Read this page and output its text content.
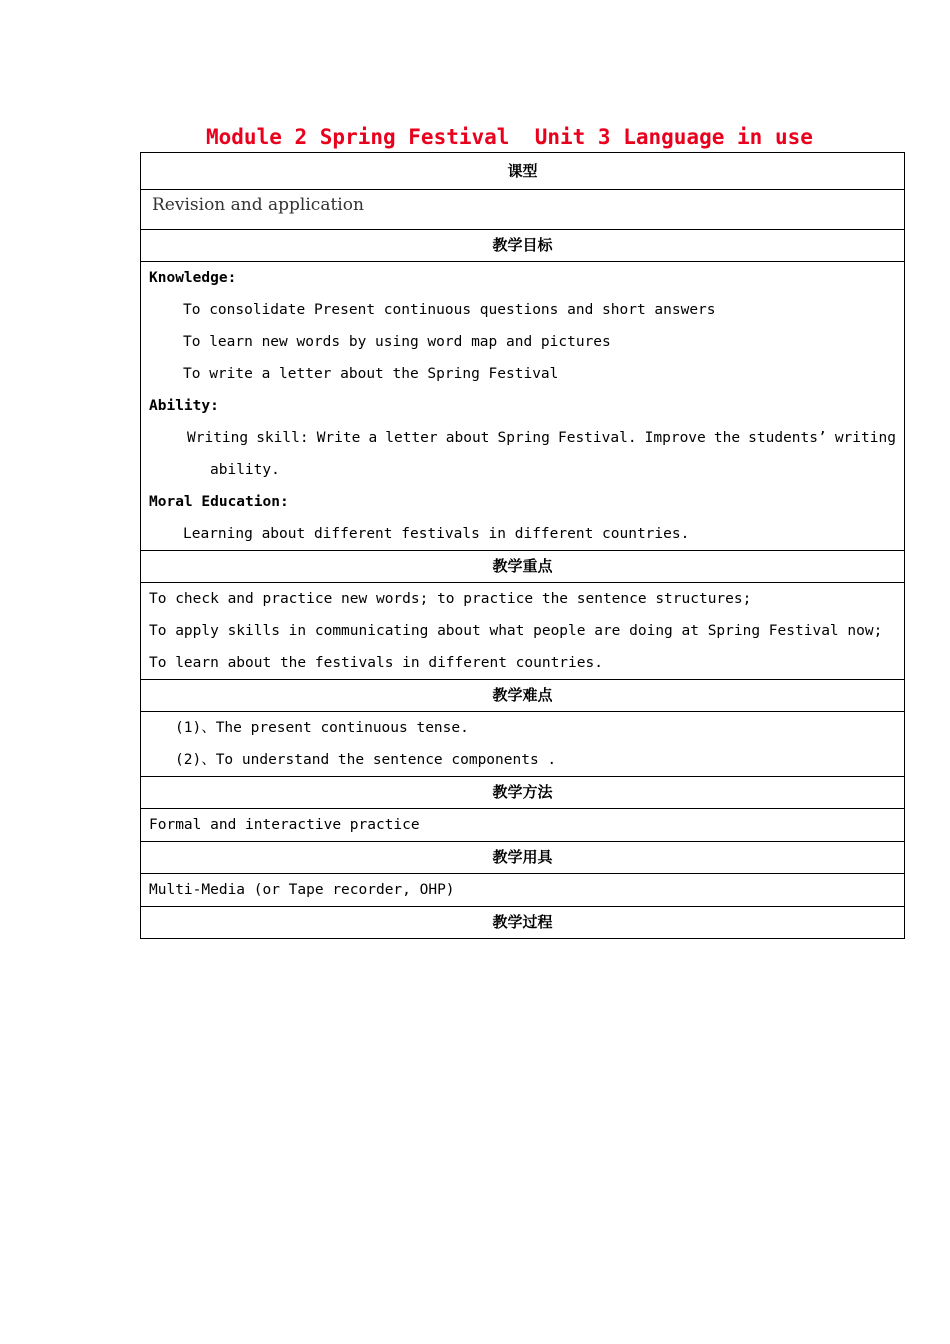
Module 2 Spring Festival  Unit 3 Language in use
课型
Revision and application
教学目标

Knowledge:
To consolidate Present continuous questions and short answers
To learn new words by using word map and pictures
To write a letter about the Spring Festival
Ability:
Writing skill: Write a letter about Spring Festival. Improve the students’ writing
ability.
Moral Education:
Learning about different festivals in different countries.

教学重点

To check and practice new words; to practice the sentence structures;
To apply skills in communicating about what people are doing at Spring Festival now;
To learn about the festivals in different countries.

教学难点

(1)、The present continuous tense.
(2)、To understand the sentence components .

教学方法

Formal and interactive practice

教学用具

Multi-Media (or Tape recorder, OHP)

教学过程
